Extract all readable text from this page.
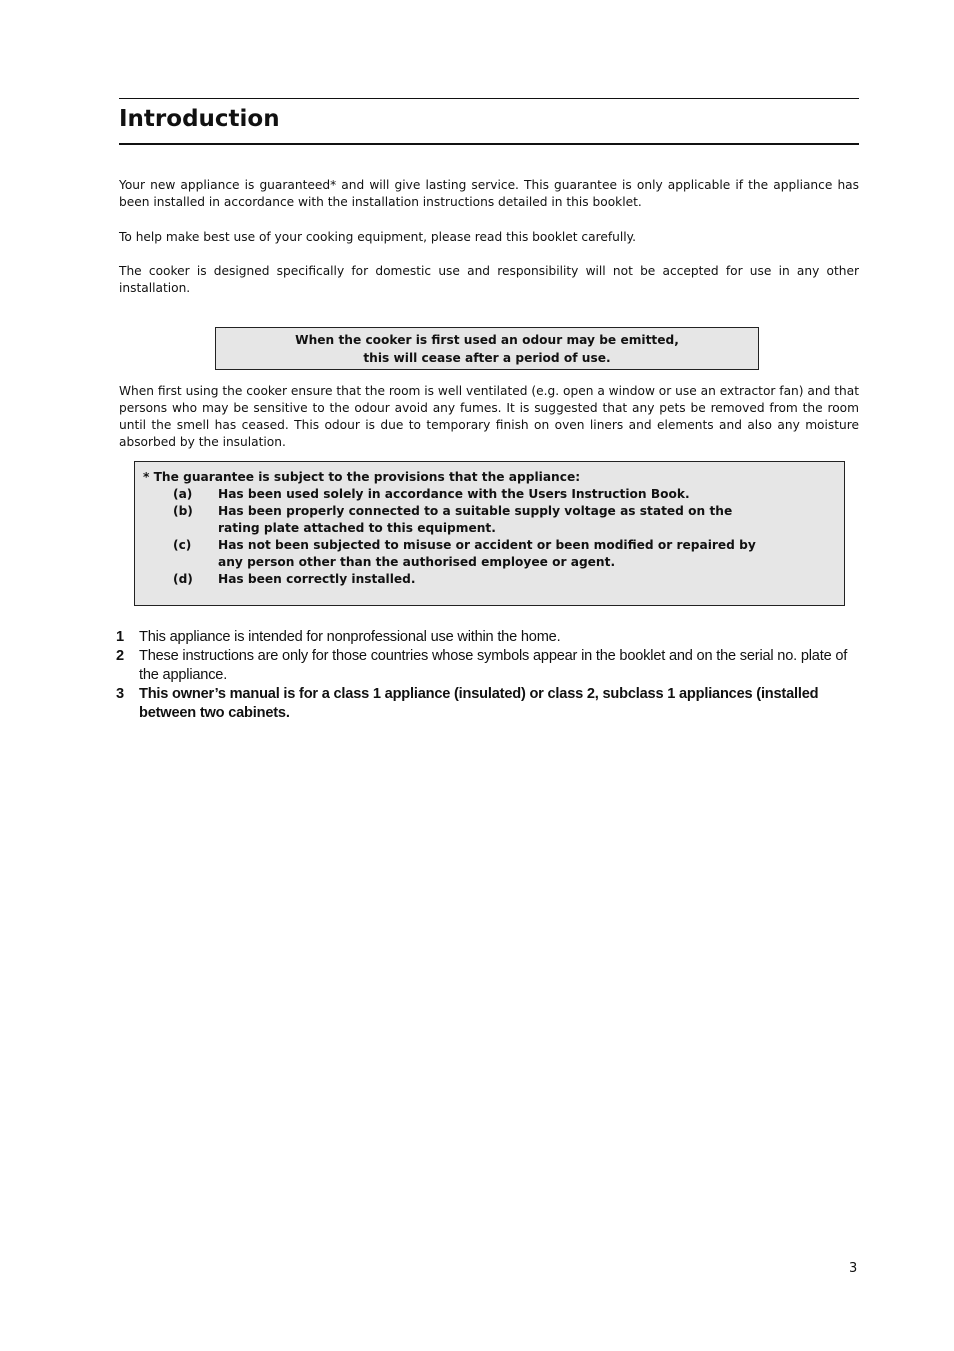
Introduction

Your new appliance is guaranteed* and will give lasting service. This guarantee is only applicable if the appliance has been installed in accordance with the installation instructions detailed in this booklet.

To help make best use of your cooking equipment, please read this booklet carefully.

The cooker is designed specifically for domestic use and responsibility will not be accepted for use in any other installation.

When the cooker is first used an odour may be emitted,
this will cease after a period of use.

When first using the cooker ensure that the room is well ventilated (e.g. open a window or use an extractor fan) and that persons who may be sensitive to the odour avoid any fumes. It is suggested that any pets be removed from the room until the smell has ceased. This odour is due to temporary finish on oven liners and elements and also any moisture absorbed by the insulation.

* The guarantee is subject to the provisions that the appliance:
(a)	Has been used solely in accordance with the Users Instruction Book.
(b)	Has been properly connected to a suitable supply voltage as stated on the rating plate attached to this equipment.
(c)	Has not been subjected to misuse or accident or been modified or repaired by any person other than the authorised employee or agent.
(d)	Has been correctly installed.
1	This appliance is intended for nonprofessional use within the home.
2	These instructions are only for those countries whose symbols appear in the booklet and on the serial no. plate of the appliance.
3	This owner’s manual is for a class 1 appliance (insulated) or class 2, subclass 1 appliances (installed between two cabinets.
3
